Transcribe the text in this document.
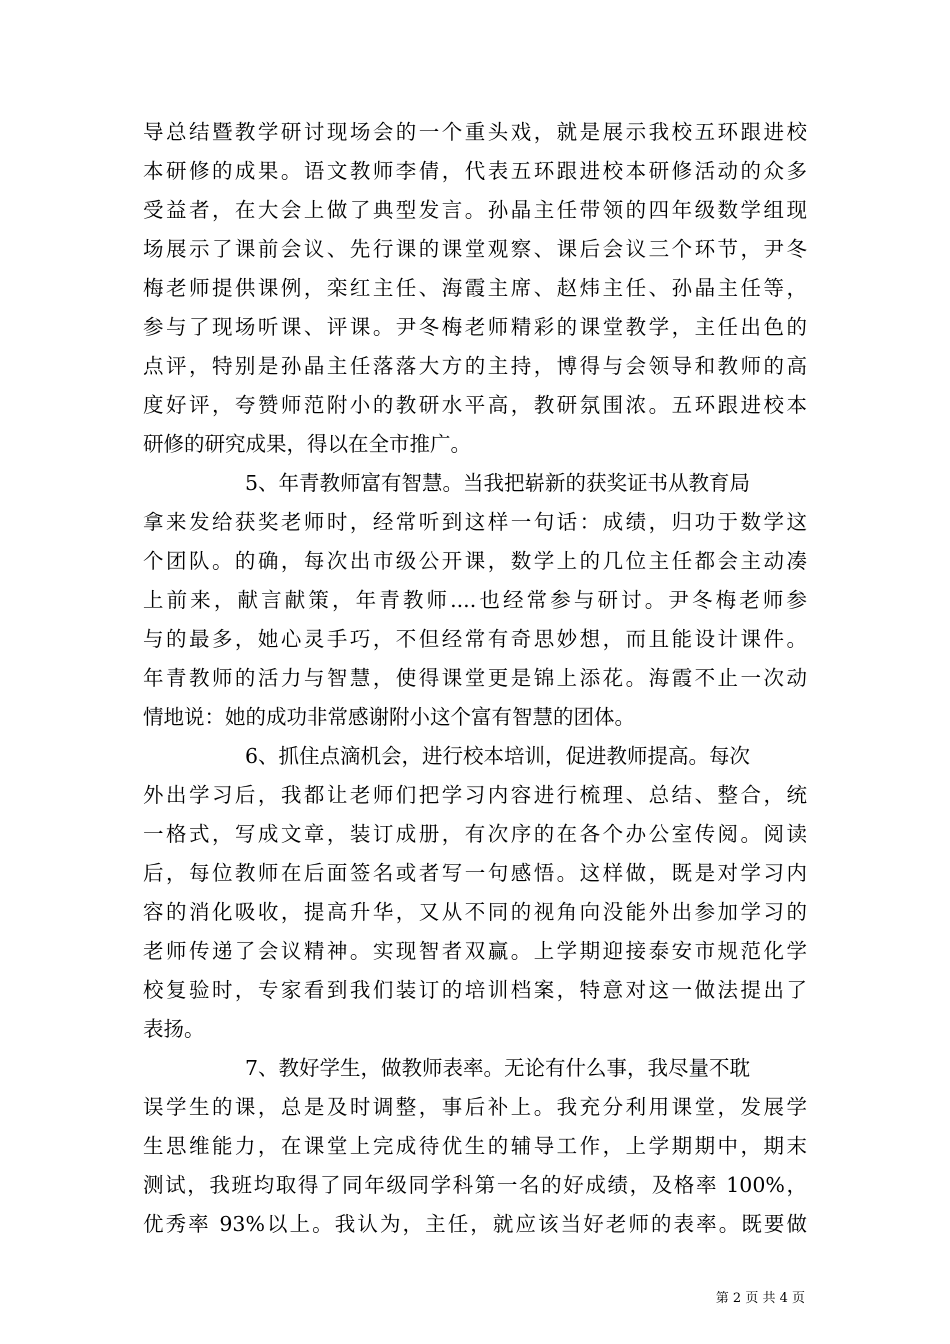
导总结暨教学研讨现场会的一个重头戏，就是展示我校五环跟进校
本研修的成果。语文教师李倩，代表五环跟进校本研修活动的众多
受益者，在大会上做了典型发言。孙晶主任带领的四年级数学组现
场展示了课前会议、先行课的课堂观察、课后会议三个环节，尹冬
梅老师提供课例，栾红主任、海霞主席、赵炜主任、孙晶主任等，
参与了现场听课、评课。尹冬梅老师精彩的课堂教学，主任出色的
点评，特别是孙晶主任落落大方的主持，博得与会领导和教师的高
度好评，夸赞师范附小的教研水平高，教研氛围浓。五环跟进校本
研修的研究成果，得以在全市推广。
5、年青教师富有智慧。当我把崭新的获奖证书从教育局
拿来发给获奖老师时，经常听到这样一句话：成绩，归功于数学这
个团队。的确，每次出市级公开课，数学上的几位主任都会主动凑
上前来，献言献策，年青教师....也经常参与研讨。尹冬梅老师参
与的最多，她心灵手巧，不但经常有奇思妙想，而且能设计课件。
年青教师的活力与智慧，使得课堂更是锦上添花。海霞不止一次动
情地说：她的成功非常感谢附小这个富有智慧的团体。
6、抓住点滴机会，进行校本培训，促进教师提高。每次
外出学习后，我都让老师们把学习内容进行梳理、总结、整合，统
一格式，写成文章，装订成册，有次序的在各个办公室传阅。阅读
后，每位教师在后面签名或者写一句感悟。这样做，既是对学习内
容的消化吸收，提高升华，又从不同的视角向没能外出参加学习的
老师传递了会议精神。实现智者双赢。上学期迎接泰安市规范化学
校复验时，专家看到我们装订的培训档案，特意对这一做法提出了
表扬。
7、教好学生，做教师表率。无论有什么事，我尽量不耽
误学生的课，总是及时调整，事后补上。我充分利用课堂，发展学
生思维能力，在课堂上完成待优生的辅导工作，上学期期中，期末
测试，我班均取得了同年级同学科第一名的好成绩，及格率 100%，
优秀率 93%以上。我认为，主任，就应该当好老师的表率。既要做
第 2 页 共 4 页
